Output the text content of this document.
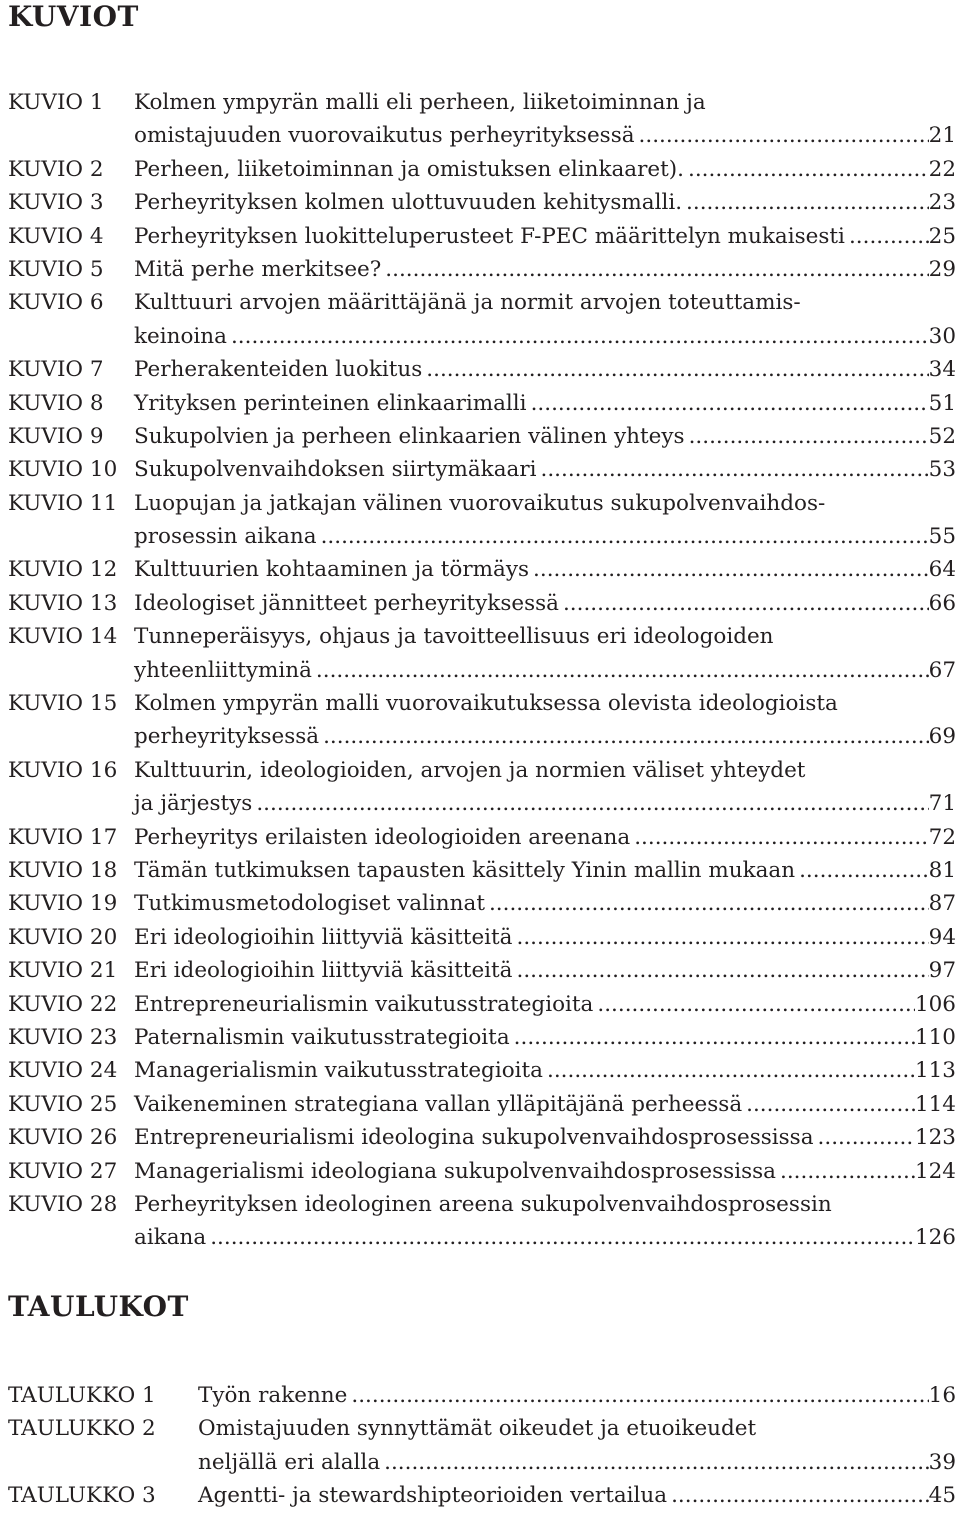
KUVIOT
KUVIO 1 Kolmen ympyrän malli eli perheen, liiketoiminnan ja
omistajuuden vuorovaikutus perheyrityksessä .....	21
KUVIO 2 Perheen, liiketoiminnan ja omistuksen elinkaaret). .....	22
KUVIO 3 Perheyrityksen kolmen ulottuvuuden kehitysmalli. .....	23
KUVIO 4 Perheyrityksen luokitteluperusteet F-PEC määrittelyn mukaisesti .....	25
KUVIO 5 Mitä perhe merkitsee? .....	29
KUVIO 6 Kulttuuri arvojen määrittäjänä ja normit arvojen toteuttamis-
keinoina .....	30
KUVIO 7 Perherakenteiden luokitus .....	34
KUVIO 8 Yrityksen perinteinen elinkaarimalli .....	51
KUVIO 9 Sukupolvien ja perheen elinkaarien välinen yhteys .....	52
KUVIO 10 Sukupolvenvaihdoksen siirtymäkaari .....	53
KUVIO 11 Luopujan ja jatkajan välinen vuorovaikutus sukupolvenvaihdos-
prosessin aikana .....	55
KUVIO 12 Kulttuurien kohtaaminen ja törmäys .....	64
KUVIO 13 Ideologiset jännitteet perheyrityksessä .....	66
KUVIO 14 Tunneperäisyys, ohjaus ja tavoitteellisuus eri ideologoiden
yhteenliittyminä .....	67
KUVIO 15 Kolmen ympyrän malli vuorovaikutuksessa olevista ideologioista
perheyrityksessä .....	69
KUVIO 16 Kulttuurin, ideologioiden, arvojen ja normien väliset yhteydet
ja järjestys .....	71
KUVIO 17 Perheyritys erilaisten ideologioiden areenana .....	72
KUVIO 18 Tämän tutkimuksen tapausten käsittely Yinin mallin mukaan .....	81
KUVIO 19 Tutkimusmetodologiset valinnat .....	87
KUVIO 20 Eri ideologioihin liittyviä käsitteitä .....	94
KUVIO 21 Eri ideologioihin liittyviä käsitteitä .....	97
KUVIO 22 Entrepreneurialismin vaikutusstrategioita .....	106
KUVIO 23 Paternalismin vaikutusstrategioita .....	110
KUVIO 24 Managerialismin vaikutusstrategioita .....	113
KUVIO 25 Vaikeneminen strategiana vallan ylläpitäjänä perheessä .....	114
KUVIO 26 Entrepreneurialismi ideologina sukupolvenvaihdosprosessissa .....	123
KUVIO 27 Managerialismi ideologiana sukupolvenvaihdosprosessissa .....	124
KUVIO 28 Perheyrityksen ideologinen areena sukupolvenvaihdosprosessin
aikana .....	126
TAULUKOT
TAULUKKO 1 Työn rakenne .....	16
TAULUKKO 2 Omistajuuden synnyttämät oikeudet ja etuoikeudet
neljällä eri alalla .....	39
TAULUKKO 3 Agentti- ja stewardshipteorioiden vertailua .....	45
